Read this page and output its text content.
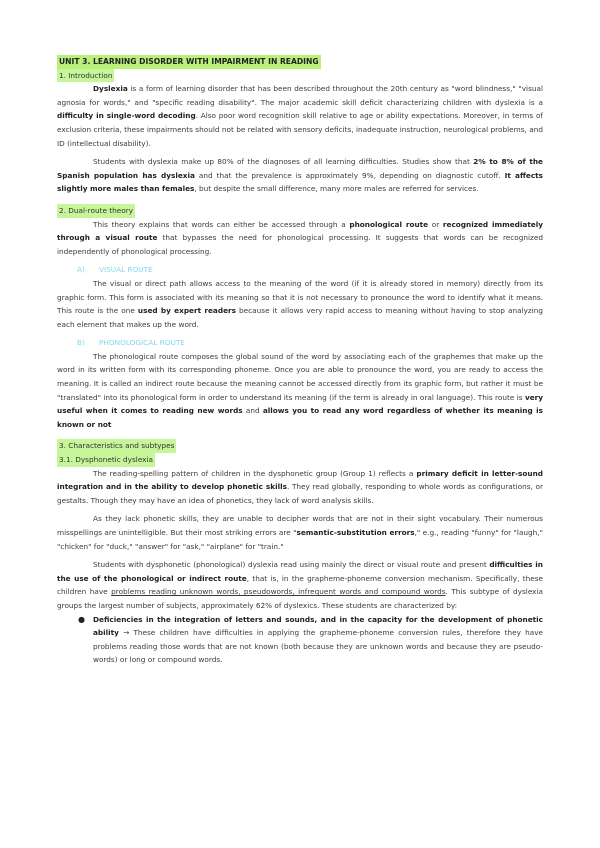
UNIT 3. LEARNING DISORDER WITH IMPAIRMENT IN READING
1. Introduction

Dyslexia is a form of learning disorder that has been described throughout the 20th century as "word blindness," "visual agnosia for words," and "specific reading disability". The major academic skill deficit characterizing children with dyslexia is a difficulty in single-word decoding. Also poor word recognition skill relative to age or ability expectations. Moreover, in terms of exclusion criteria, these impairments should not be related with sensory deficits, inadequate instruction, neurological problems, and ID (intellectual disability).

Students with dyslexia make up 80% of the diagnoses of all learning difficulties. Studies show that 2% to 8% of the Spanish population has dyslexia and that the prevalence is approximately 9%, depending on diagnostic cutoff. It affects slightly more males than females, but despite the small difference, many more males are referred for services.

2. Dual-route theory

This theory explains that words can either be accessed through a phonological route or recognized immediately through a visual route that bypasses the need for phonological processing. It suggests that words can be recognized independently of phonological processing.

A) VISUAL ROUTE

The visual or direct path allows access to the meaning of the word (if it is already stored in memory) directly from its graphic form. This form is associated with its meaning so that it is not necessary to pronounce the word to identify what it means. This route is the one used by expert readers because it allows very rapid access to meaning without having to stop analyzing each element that makes up the word.

B) PHONOLOGICAL ROUTE

The phonological route composes the global sound of the word by associating each of the graphemes that make up the word in its written form with its corresponding phoneme. Once you are able to pronounce the word, you are ready to access the meaning. It is called an indirect route because the meaning cannot be accessed directly from its graphic form, but rather it must be "translated" into its phonological form in order to understand its meaning (if the term is already in oral language). This route is very useful when it comes to reading new words and allows you to read any word regardless of whether its meaning is known or not

3. Characteristics and subtypes
3.1. Dysphonetic dyslexia

The reading-spelling pattern of children in the dysphonetic group (Group 1) reflects a primary deficit in letter-sound integration and in the ability to develop phonetic skills. They read globally, responding to whole words as configurations, or gestalts. Though they may have an idea of phonetics, they lack of word analysis skills.

As they lack phonetic skills, they are unable to decipher words that are not in their sight vocabulary. Their numerous misspellings are unintelligible. But their most striking errors are "semantic-substitution errors," e.g., reading "funny" for "laugh," "chicken" for "duck," "answer" for "ask," "airplane" for "train."

Students with dysphonetic (phonological) dyslexia read using mainly the direct or visual route and present difficulties in the use of the phonological or indirect route, that is, in the grapheme-phoneme conversion mechanism. Specifically, these children have problems reading unknown words, pseudowords, infrequent words and compound words. This subtype of dyslexia groups the largest number of subjects, approximately 62% of dyslexics. These students are characterized by:

● Deficiencies in the integration of letters and sounds, and in the capacity for the development of phonetic ability → These children have difficulties in applying the grapheme-phoneme conversion rules, therefore they have problems reading those words that are not known (both because they are unknown words and because they are pseudo-words) or long or compound words.
